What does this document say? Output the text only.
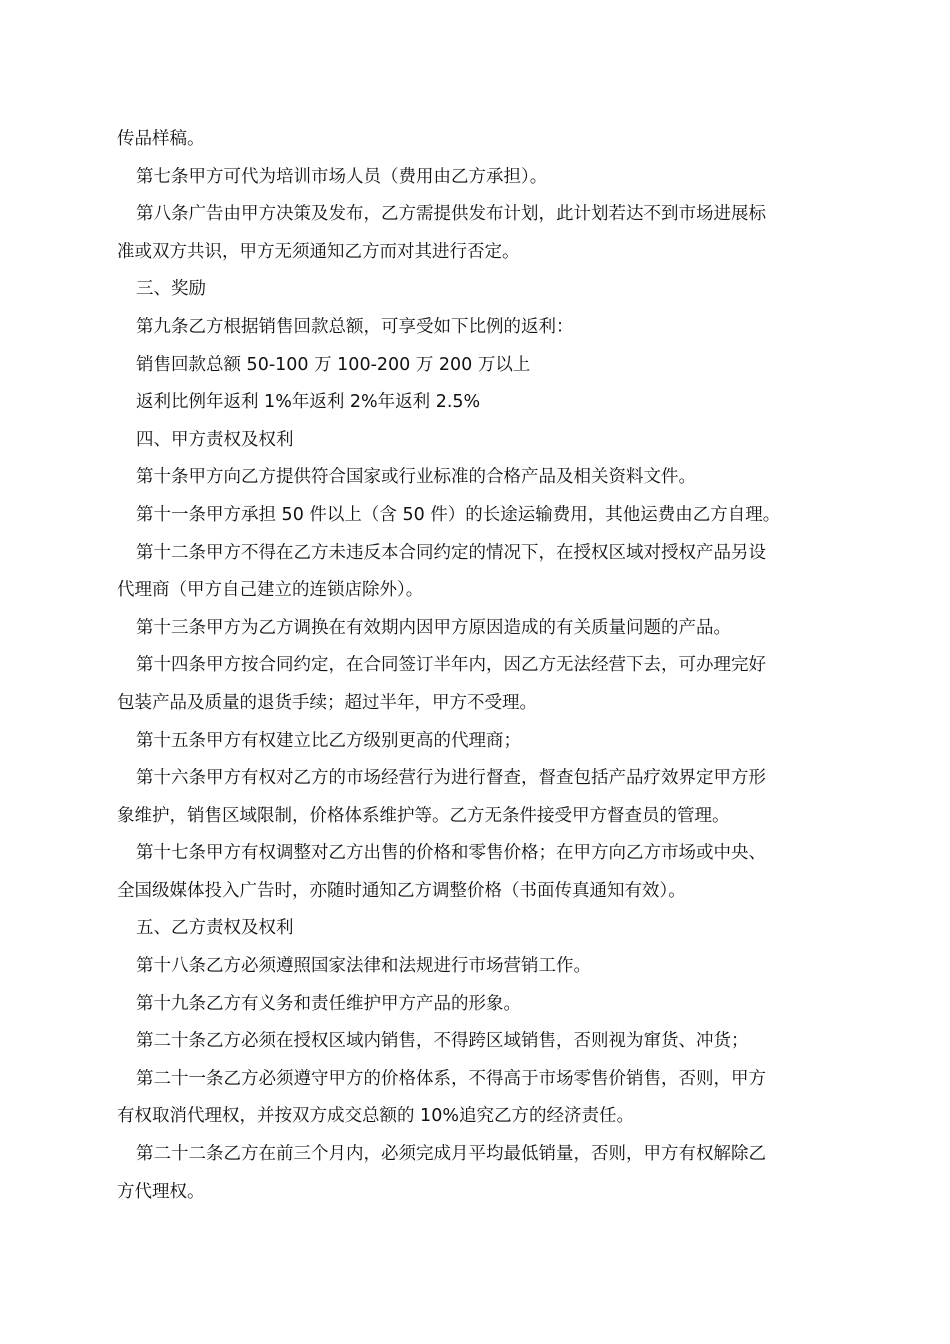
传品样稿。
第七条甲方可代为培训市场人员（费用由乙方承担）。
第八条广告由甲方决策及发布，乙方需提供发布计划，此计划若达不到市场进展标
准或双方共识，甲方无须通知乙方而对其进行否定。
三、奖励
第九条乙方根据销售回款总额，可享受如下比例的返利：
销售回款总额 50-100 万 100-200 万 200 万以上
返利比例年返利 1%年返利 2%年返利 2.5%
四、甲方责权及权利
第十条甲方向乙方提供符合国家或行业标准的合格产品及相关资料文件。
第十一条甲方承担 50 件以上（含 50 件）的长途运输费用，其他运费由乙方自理。
第十二条甲方不得在乙方未违反本合同约定的情况下，在授权区域对授权产品另设
代理商（甲方自己建立的连锁店除外）。
第十三条甲方为乙方调换在有效期内因甲方原因造成的有关质量问题的产品。
第十四条甲方按合同约定，在合同签订半年内，因乙方无法经营下去，可办理完好
包装产品及质量的退货手续；超过半年，甲方不受理。
第十五条甲方有权建立比乙方级别更高的代理商；
第十六条甲方有权对乙方的市场经营行为进行督查，督查包括产品疗效界定甲方形
象维护，销售区域限制，价格体系维护等。乙方无条件接受甲方督查员的管理。
第十七条甲方有权调整对乙方出售的价格和零售价格；在甲方向乙方市场或中央、
全国级媒体投入广告时，亦随时通知乙方调整价格（书面传真通知有效）。
五、乙方责权及权利
第十八条乙方必须遵照国家法律和法规进行市场营销工作。
第十九条乙方有义务和责任维护甲方产品的形象。
第二十条乙方必须在授权区域内销售，不得跨区域销售，否则视为窜货、冲货；
第二十一条乙方必须遵守甲方的价格体系，不得高于市场零售价销售，否则，甲方
有权取消代理权，并按双方成交总额的 10%追究乙方的经济责任。
第二十二条乙方在前三个月内，必须完成月平均最低销量，否则，甲方有权解除乙
方代理权。
